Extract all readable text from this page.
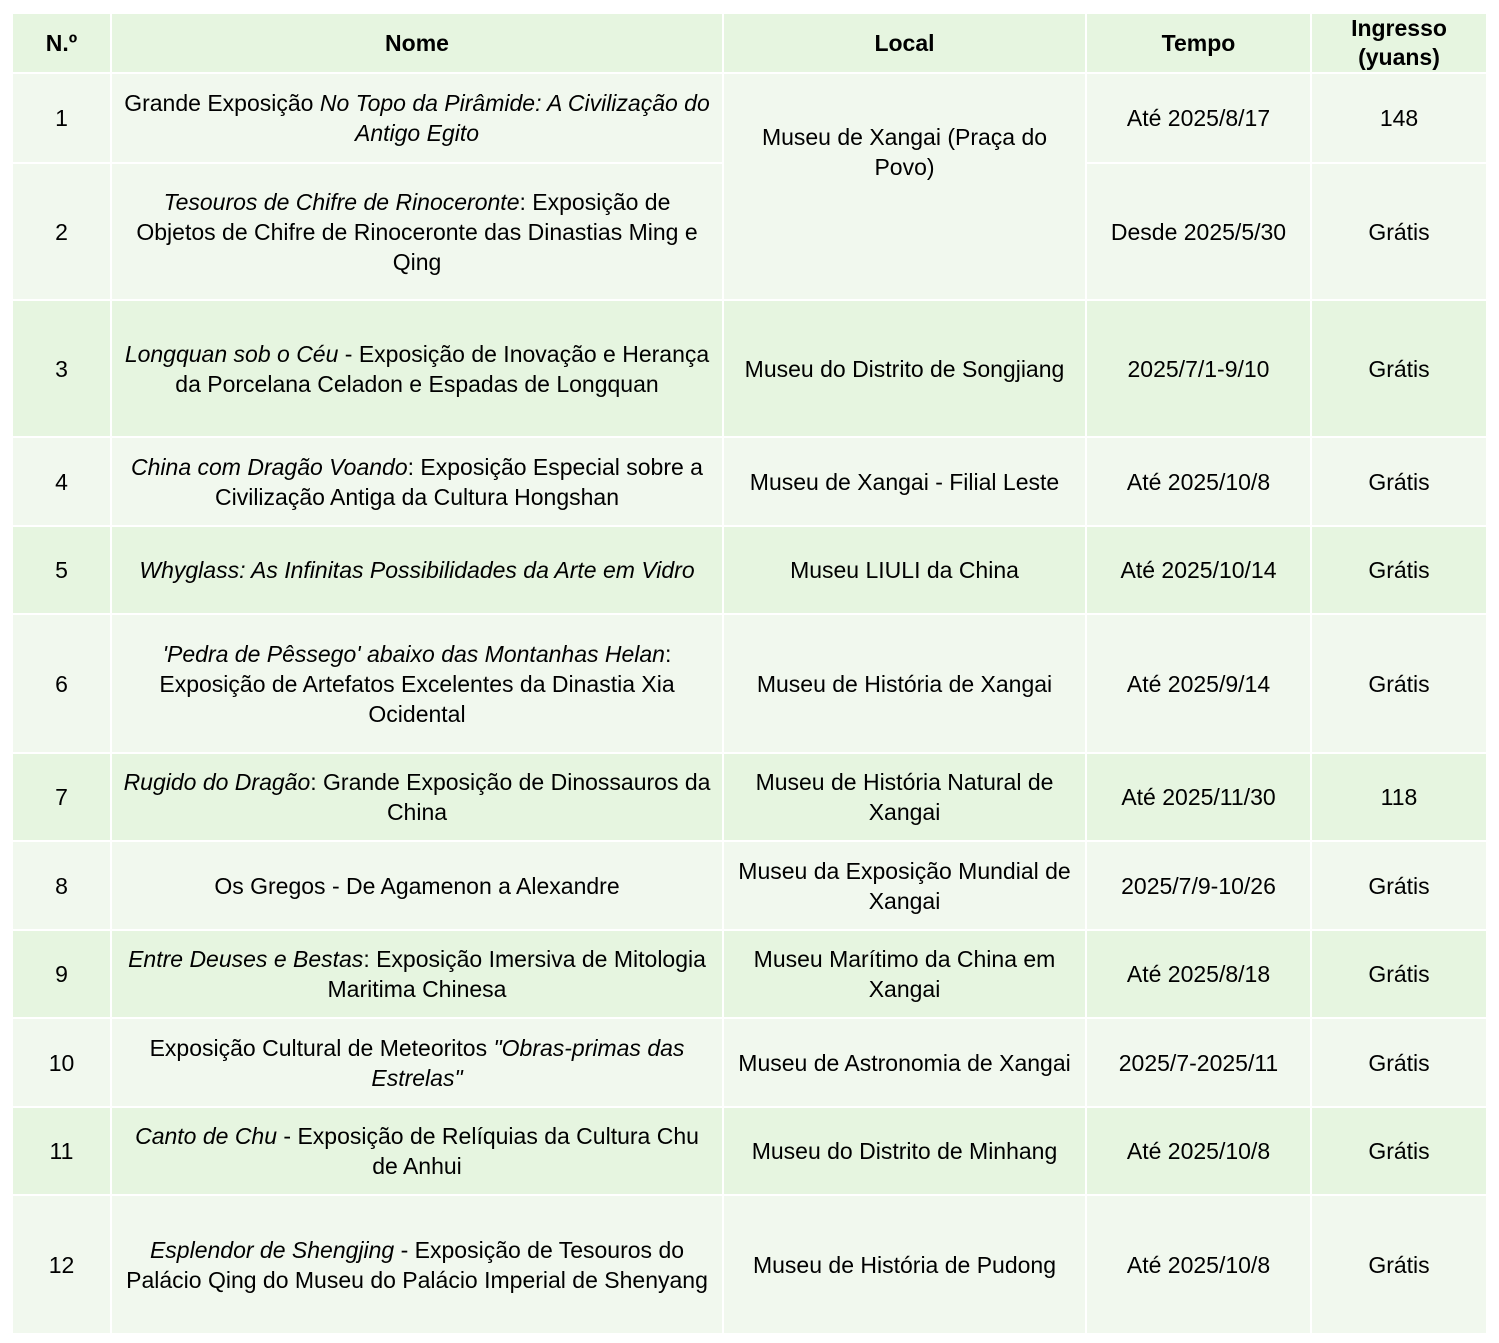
N.º	Nome	Local	Tempo	Ingresso (yuans)
1	Grande Exposição No Topo da Pirâmide: A Civilização do Antigo Egito	Museu de Xangai (Praça do Povo)	Até 2025/8/17	148
2	Tesouros de Chifre de Rinoceronte: Exposição de Objetos de Chifre de Rinoceronte das Dinastias Ming e Qing		Desde 2025/5/30	Grátis
3	Longquan sob o Céu - Exposição de Inovação e Herança da Porcelana Celadon e Espadas de Longquan	Museu do Distrito de Songjiang	2025/7/1-9/10	Grátis
4	China com Dragão Voando: Exposição Especial sobre a Civilização Antiga da Cultura Hongshan	Museu de Xangai - Filial Leste	Até 2025/10/8	Grátis
5	Whyglass: As Infinitas Possibilidades da Arte em Vidro	Museu LIULI da China	Até 2025/10/14	Grátis
6	'Pedra de Pêssego' abaixo das Montanhas Helan: Exposição de Artefatos Excelentes da Dinastia Xia Ocidental	Museu de História de Xangai	Até 2025/9/14	Grátis
7	Rugido do Dragão: Grande Exposição de Dinossauros da China	Museu de História Natural de Xangai	Até 2025/11/30	118
8	Os Gregos - De Agamenon a Alexandre	Museu da Exposição Mundial de Xangai	2025/7/9-10/26	Grátis
9	Entre Deuses e Bestas: Exposição Imersiva de Mitologia Maritima Chinesa	Museu Marítimo da China em Xangai	Até 2025/8/18	Grátis
10	Exposição Cultural de Meteoritos "Obras-primas das Estrelas"	Museu de Astronomia de Xangai	2025/7-2025/11	Grátis
11	Canto de Chu - Exposição de Relíquias da Cultura Chu de Anhui	Museu do Distrito de Minhang	Até 2025/10/8	Grátis
12	Esplendor de Shengjing - Exposição de Tesouros do Palácio Qing do Museu do Palácio Imperial de Shenyang	Museu de História de Pudong	Até 2025/10/8	Grátis
